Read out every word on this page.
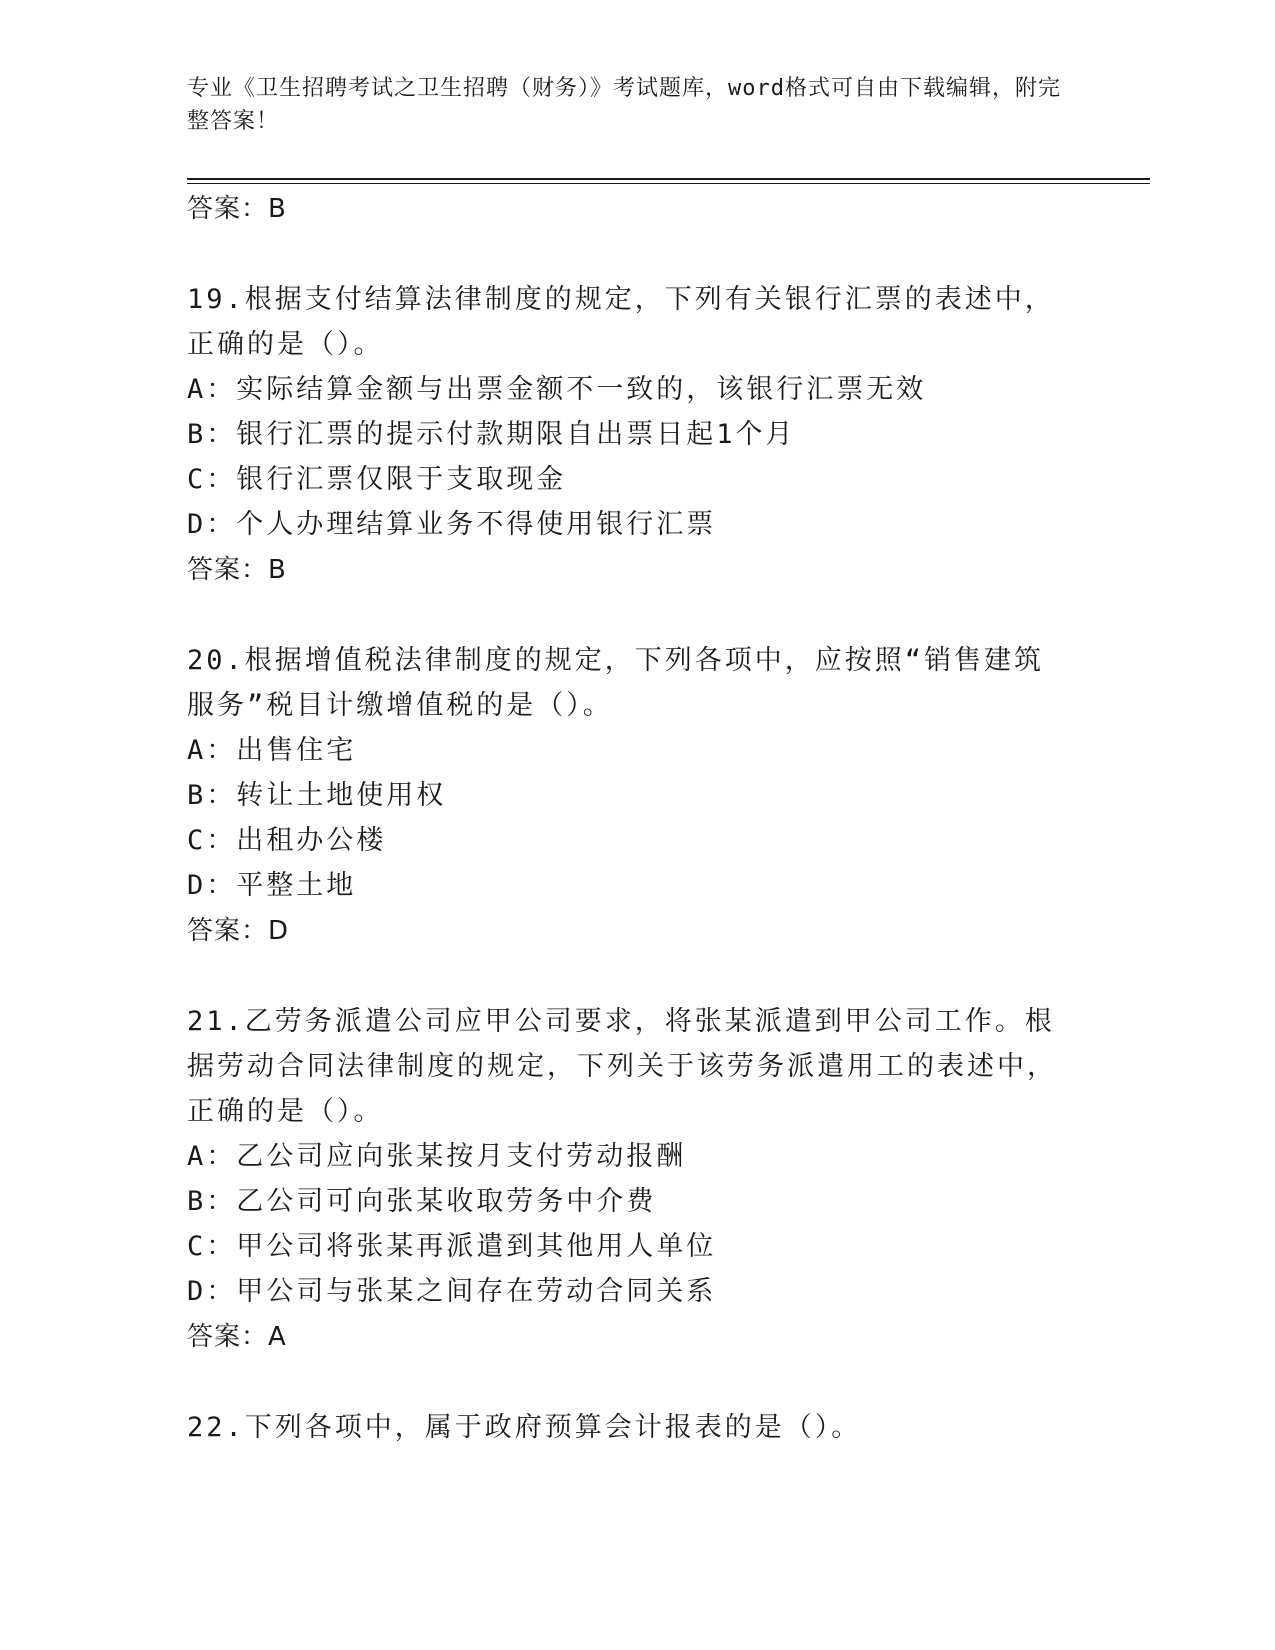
专业《卫生招聘考试之卫生招聘（财务）》考试题库，word格式可自由下载编辑，附完整答案！
答案：B
19.根据支付结算法律制度的规定，下列有关银行汇票的表述中，正确的是（）。
A：实际结算金额与出票金额不一致的，该银行汇票无效
B：银行汇票的提示付款期限自出票日起1个月
C：银行汇票仅限于支取现金
D：个人办理结算业务不得使用银行汇票
答案：B
20.根据增值税法律制度的规定，下列各项中，应按照“销售建筑服务”税目计缴增值税的是（）。
A：出售住宅
B：转让土地使用权
C：出租办公楼
D：平整土地
答案：D
21.乙劳务派遣公司应甲公司要求，将张某派遣到甲公司工作。根据劳动合同法律制度的规定，下列关于该劳务派遣用工的表述中，正确的是（）。
A：乙公司应向张某按月支付劳动报酬
B：乙公司可向张某收取劳务中介费
C：甲公司将张某再派遣到其他用人单位
D：甲公司与张某之间存在劳动合同关系
答案：A
22.下列各项中，属于政府预算会计报表的是（）。
